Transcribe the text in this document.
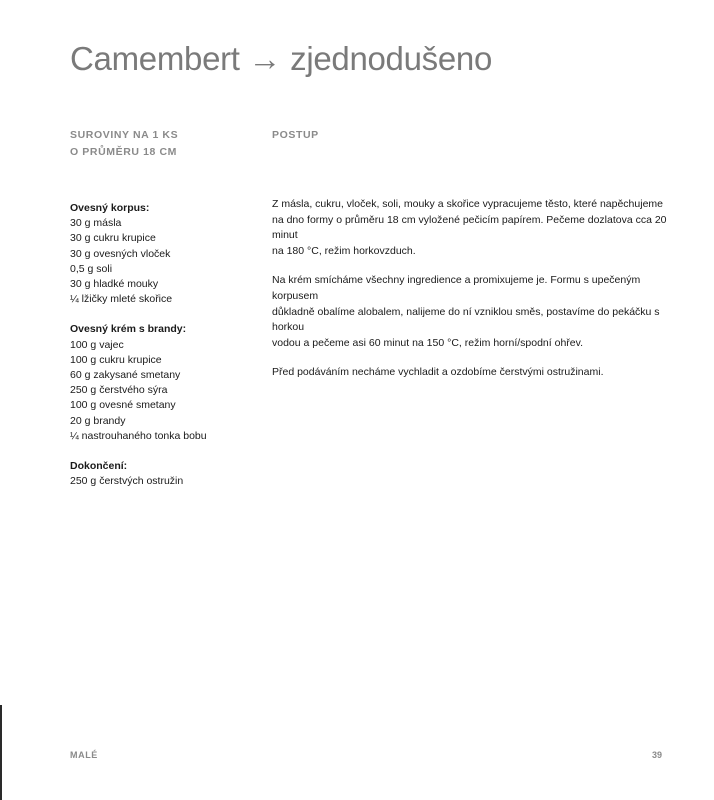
Camembert → zjednodušeno
SUROVINY NA 1 KS
O PRŮMĚRU 18 CM
POSTUP

Ovesný korpus:

30 g másla
30 g cukru krupice
30 g ovesných vloček
0,5 g soli
30 g hladké mouky
¼ lžičky mleté skořice

Ovesný krém s brandy:

100 g vajec
100 g cukru krupice
60 g zakysané smetany
250 g čerstvého sýra
100 g ovesné smetany
20 g brandy
¼ nastrouhaného tonka bobu

Dokončení:

250 g čerstvých ostružin

Z másla, cukru, vloček, soli, mouky a skořice vypracujeme těsto, které napěchujeme
na dno formy o průměru 18 cm vyložené pečicím papírem. Pečeme dozlatova cca 20 minut
na 180 °C, režim horkovzduch.

Na krém smícháme všechny ingredience a promixujeme je. Formu s upečeným korpusem
důkladně obalíme alobalem, nalijeme do ní vzniklou směs, postavíme do pekáčku s horkou
vodou a pečeme asi 60 minut na 150 °C, režim horní/spodní ohřev.

Před podáváním necháme vychladit a ozdobíme čerstvými ostružinami.

MALÉ	39
